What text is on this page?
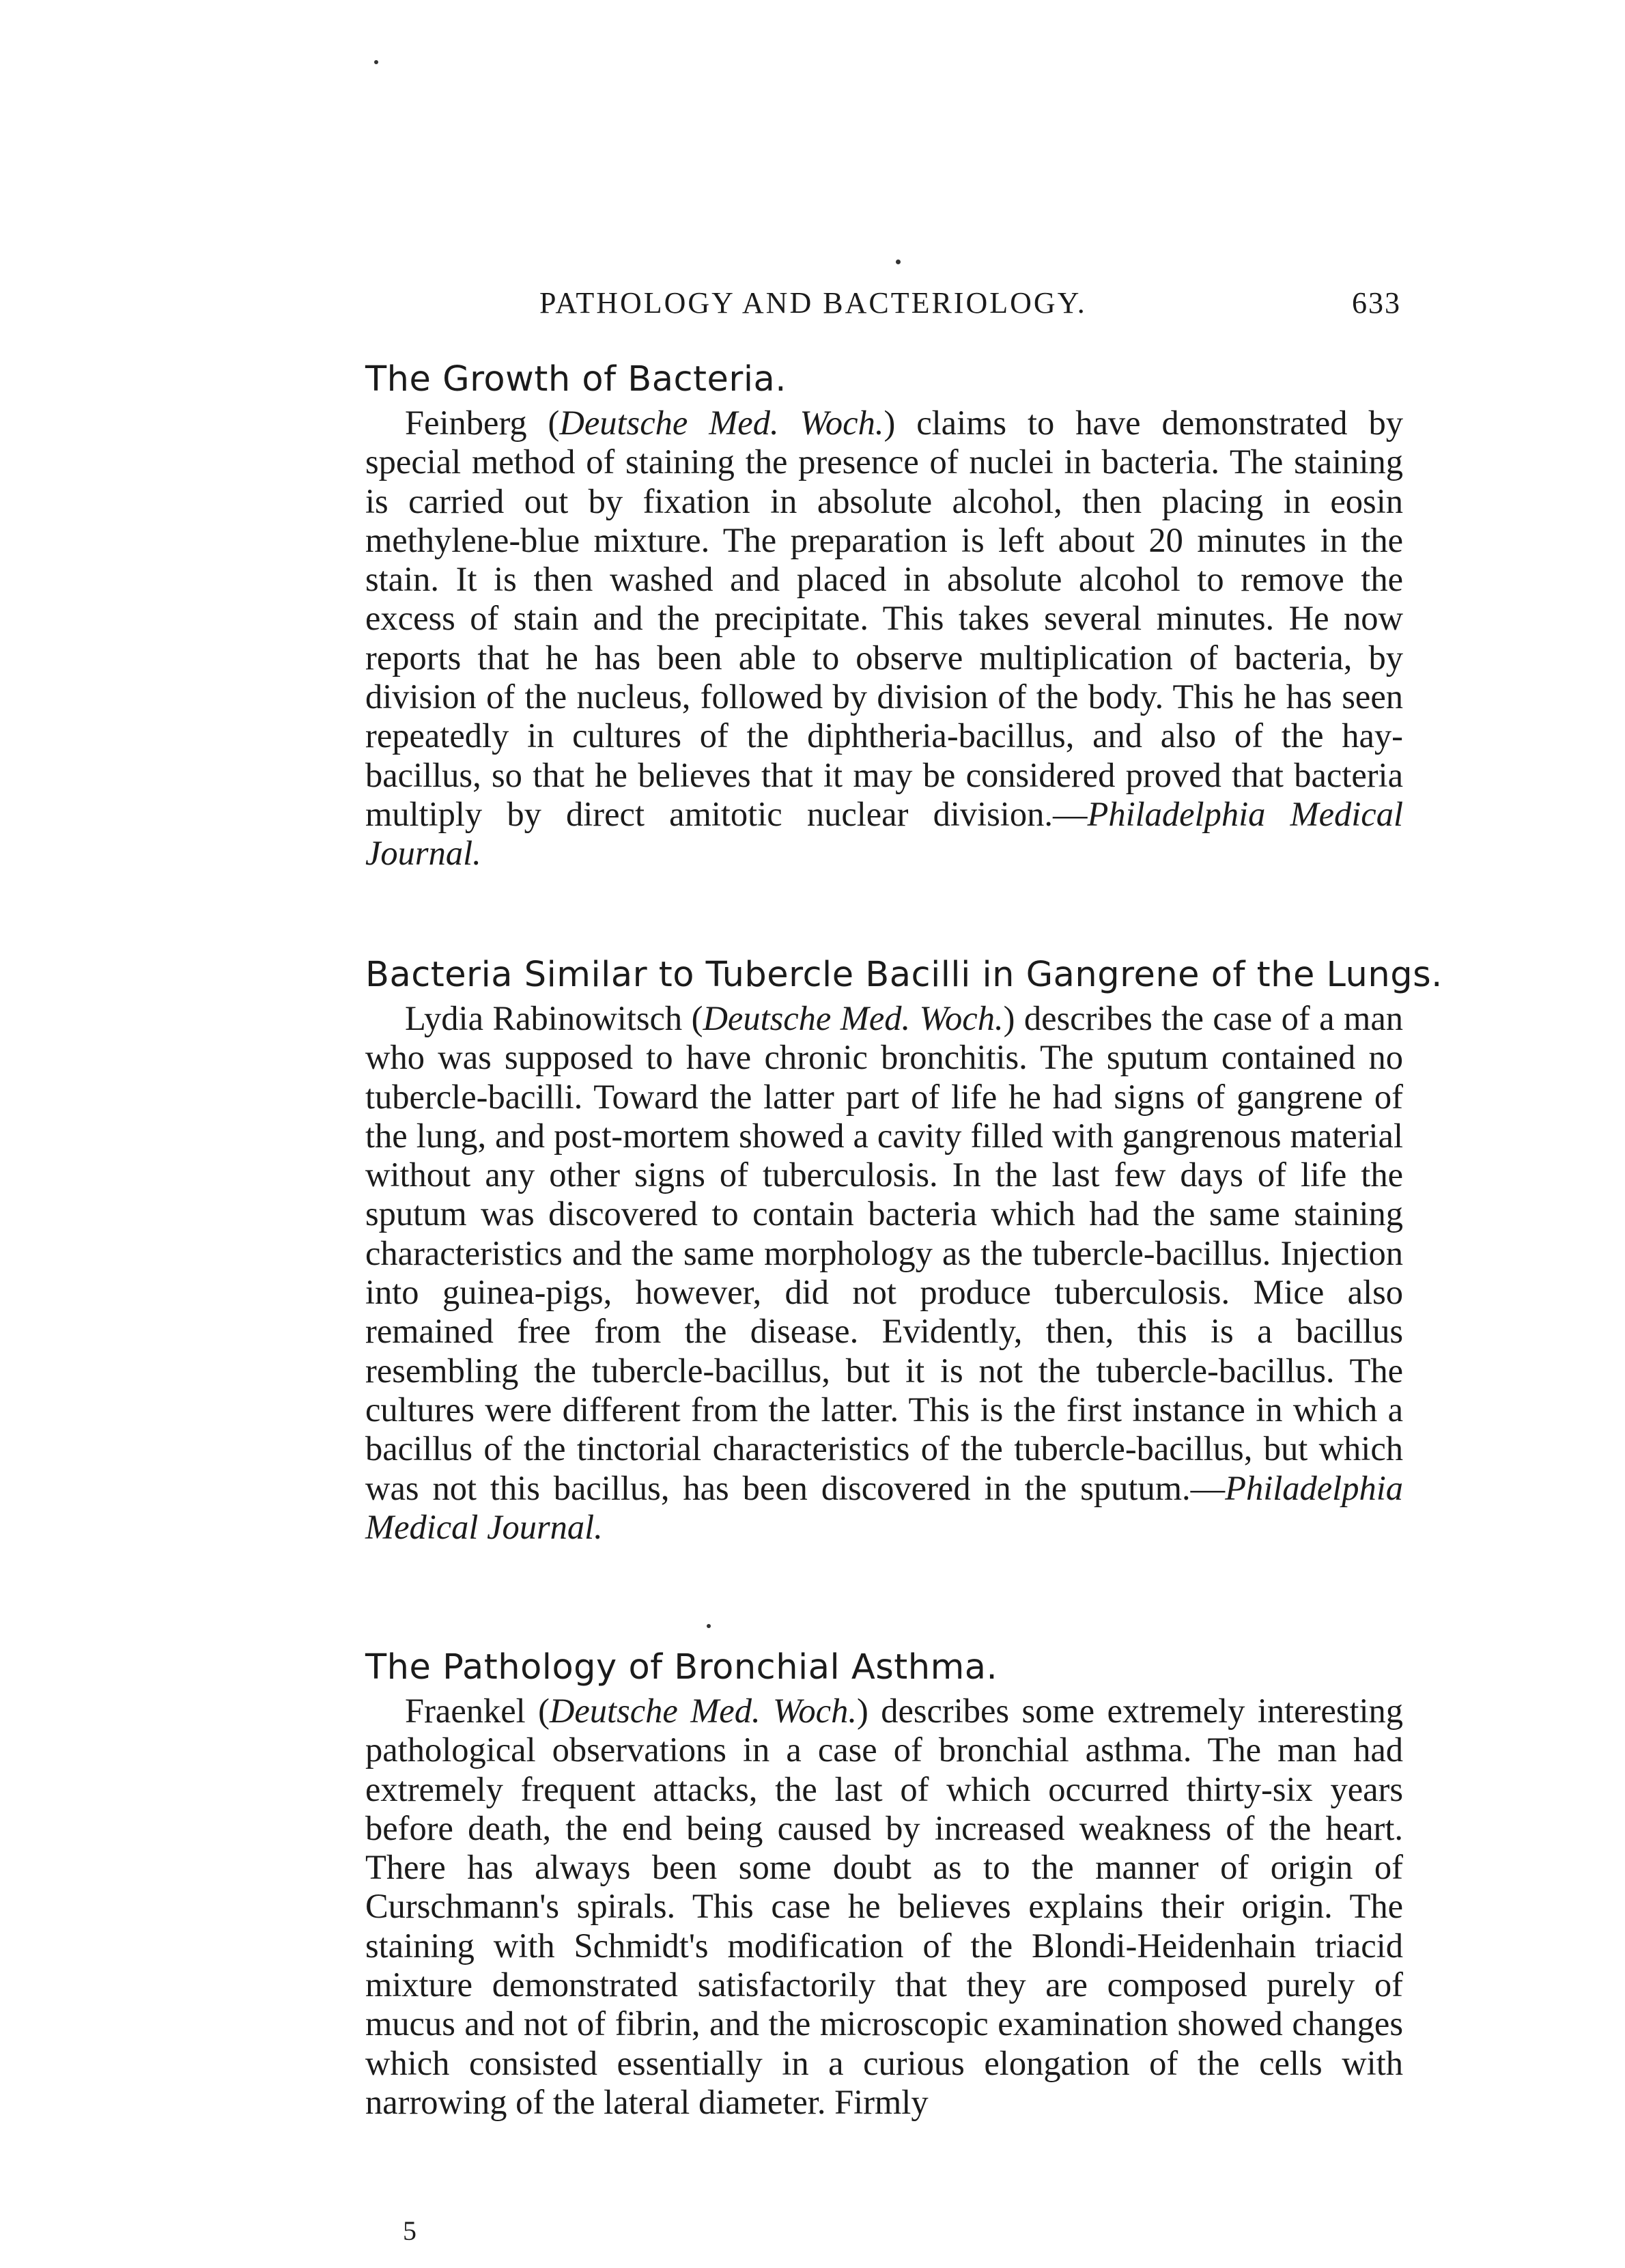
PATHOLOGY AND BACTERIOLOGY.	633
The Growth of Bacteria.

Feinberg (Deutsche Med. Woch.) claims to have demonstrated by special method of staining the presence of nuclei in bacteria. The staining is carried out by fixation in absolute alcohol, then placing in eosin methylene-blue mixture. The preparation is left about 20 minutes in the stain. It is then washed and placed in absolute alcohol to remove the excess of stain and the precipitate. This takes several minutes. He now reports that he has been able to observe multiplication of bacteria, by division of the nucleus, followed by division of the body. This he has seen repeatedly in cultures of the diphtheria-bacillus, and also of the hay-bacillus, so that he believes that it may be considered proved that bacteria multiply by direct amitotic nuclear division.—Philadelphia Medical Journal.

Bacteria Similar to Tubercle Bacilli in Gangrene of the Lungs.

Lydia Rabinowitsch (Deutsche Med. Woch.) describes the case of a man who was supposed to have chronic bronchitis. The sputum contained no tubercle-bacilli. Toward the latter part of life he had signs of gangrene of the lung, and post-mortem showed a cavity filled with gangrenous material without any other signs of tuberculosis. In the last few days of life the sputum was discovered to contain bacteria which had the same staining characteristics and the same morphology as the tubercle-bacillus. Injection into guinea-pigs, however, did not produce tuberculosis. Mice also remained free from the disease. Evidently, then, this is a bacillus resembling the tubercle-bacillus, but it is not the tubercle-bacillus. The cultures were different from the latter. This is the first instance in which a bacillus of the tinctorial characteristics of the tubercle-bacillus, but which was not this bacillus, has been discovered in the sputum.—Philadelphia Medical Journal.

The Pathology of Bronchial Asthma.

Fraenkel (Deutsche Med. Woch.) describes some extremely interesting pathological observations in a case of bronchial asthma. The man had extremely frequent attacks, the last of which occurred thirty-six years before death, the end being caused by increased weakness of the heart. There has always been some doubt as to the manner of origin of Curschmann's spirals. This case he believes explains their origin. The staining with Schmidt's modification of the Blondi-Heidenhain triacid mixture demonstrated satisfactorily that they are composed purely of mucus and not of fibrin, and the microscopic examination showed changes which consisted essentially in a curious elongation of the cells with narrowing of the lateral diameter. Firmly

5
